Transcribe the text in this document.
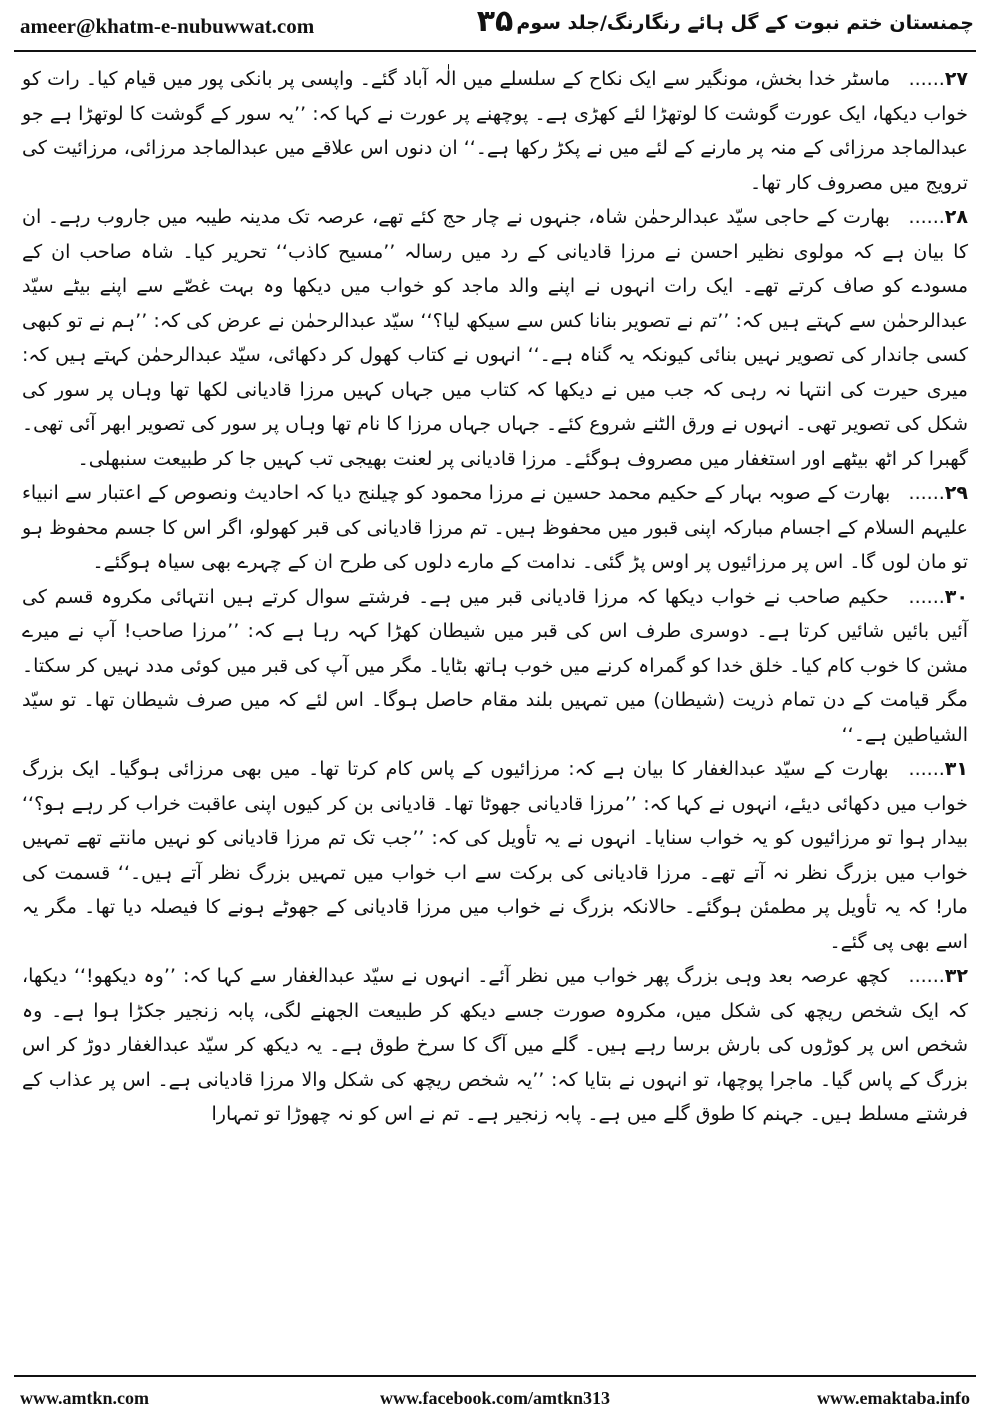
ameer@khatm-e-nubuwwat.com	۳۵ چمنستان ختم نبوت کے گل ہائے رنگارنگ/جلد سوم

۲۷ ...... ماسٹر خدا بخش، مونگیر سے ایک نکاح کے سلسلے میں الٰہ آباد گئے۔ واپسی پر بانکی پور میں قیام کیا۔ رات کو خواب دیکھا، ایک عورت گوشت کا لوتھڑا لئے کھڑی ہے۔ پوچھنے پر عورت نے کہا کہ: ’’یہ سور کے گوشت کا لوتھڑا ہے جو عبدالماجد مرزائی کے منہ پر مارنے کے لئے میں نے پکڑ رکھا ہے۔‘‘ ان دنوں اس علاقے میں عبدالماجد مرزائی، مرزائیت کی ترویج میں مصروف کار تھا۔

۲۸ ...... بھارت کے حاجی سیّد عبدالرحمٰن شاہ، جنہوں نے چار حج کئے تھے، عرصہ تک مدینہ طیبہ میں جاروب رہے۔ ان کا بیان ہے کہ مولوی نظیر احسن نے مرزا قادیانی کے رد میں رسالہ ’’مسیح کاذب‘‘ تحریر کیا۔ شاہ صاحب ان کے مسودے کو صاف کرتے تھے۔ ایک رات انہوں نے اپنے والد ماجد کو خواب میں دیکھا وہ بہت غصّے سے اپنے بیٹے سیّد عبدالرحمٰن سے کہتے ہیں کہ: ’’تم نے تصویر بنانا کس سے سیکھ لیا؟‘‘ سیّد عبدالرحمٰن نے عرض کی کہ: ’’ہم نے تو کبھی کسی جاندار کی تصویر نہیں بنائی کیونکہ یہ گناہ ہے۔‘‘ انہوں نے کتاب کھول کر دکھائی، سیّد عبدالرحمٰن کہتے ہیں کہ: میری حیرت کی انتہا نہ رہی کہ جب میں نے دیکھا کہ کتاب میں جہاں کہیں مرزا قادیانی لکھا تھا وہاں پر سور کی شکل کی تصویر تھی۔ انہوں نے ورق الٹنے شروع کئے۔ جہاں جہاں مرزا کا نام تھا وہاں پر سور کی تصویر ابھر آئی تھی۔ گھبرا کر اٹھ بیٹھے اور استغفار میں مصروف ہوگئے۔ مرزا قادیانی پر لعنت بھیجی تب کہیں جا کر طبیعت سنبھلی۔

۲۹ ...... بھارت کے صوبہ بہار کے حکیم محمد حسین نے مرزا محمود کو چیلنج دیا کہ احادیث ونصوص کے اعتبار سے انبیاء علیہم السلام کے اجسام مبارکہ اپنی قبور میں محفوظ ہیں۔ تم مرزا قادیانی کی قبر کھولو، اگر اس کا جسم محفوظ ہو تو مان لوں گا۔ اس پر مرزائیوں پر اوس پڑ گئی۔ ندامت کے مارے دلوں کی طرح ان کے چہرے بھی سیاہ ہوگئے۔

۳۰ ...... حکیم صاحب نے خواب دیکھا کہ مرزا قادیانی قبر میں ہے۔ فرشتے سوال کرتے ہیں انتہائی مکروہ قسم کی آئیں بائیں شائیں کرتا ہے۔ دوسری طرف اس کی قبر میں شیطان کھڑا کہہ رہا ہے کہ: ’’مرزا صاحب! آپ نے میرے مشن کا خوب کام کیا۔ خلق خدا کو گمراہ کرنے میں خوب ہاتھ بٹایا۔ مگر میں آپ کی قبر میں کوئی مدد نہیں کر سکتا۔ مگر قیامت کے دن تمام ذریت (شیطان) میں تمہیں بلند مقام حاصل ہوگا۔ اس لئے کہ میں صرف شیطان تھا۔ تو سیّد الشیاطین ہے۔‘‘

۳۱ ...... بھارت کے سیّد عبدالغفار کا بیان ہے کہ: مرزائیوں کے پاس کام کرتا تھا۔ میں بھی مرزائی ہوگیا۔ ایک بزرگ خواب میں دکھائی دیئے، انہوں نے کہا کہ: ’’مرزا قادیانی جھوٹا تھا۔ قادیانی بن کر کیوں اپنی عاقبت خراب کر رہے ہو؟‘‘ بیدار ہوا تو مرزائیوں کو یہ خواب سنایا۔ انہوں نے یہ تأویل کی کہ: ’’جب تک تم مرزا قادیانی کو نہیں مانتے تھے تمہیں خواب میں بزرگ نظر نہ آتے تھے۔ مرزا قادیانی کی برکت سے اب خواب میں تمہیں بزرگ نظر آتے ہیں۔‘‘ قسمت کی مار! کہ یہ تأویل پر مطمئن ہوگئے۔ حالانکہ بزرگ نے خواب میں مرزا قادیانی کے جھوٹے ہونے کا فیصلہ دیا تھا۔ مگر یہ اسے بھی پی گئے۔

۳۲ ...... کچھ عرصہ بعد وہی بزرگ پھر خواب میں نظر آئے۔ انہوں نے سیّد عبدالغفار سے کہا کہ: ’’وہ دیکھو!‘‘ دیکھا، کہ ایک شخص ریچھ کی شکل میں، مکروہ صورت جسے دیکھ کر طبیعت الجھنے لگی، پابہ زنجیر جکڑا ہوا ہے۔ وہ شخص اس پر کوڑوں کی بارش برسا رہے ہیں۔ گلے میں آگ کا سرخ طوق ہے۔ یہ دیکھ کر سیّد عبدالغفار دوڑ کر اس بزرگ کے پاس گیا۔ ماجرا پوچھا، تو انہوں نے بتایا کہ: ’’یہ شخص ریچھ کی شکل والا مرزا قادیانی ہے۔ اس پر عذاب کے فرشتے مسلط ہیں۔ جہنم کا طوق گلے میں ہے۔ پابہ زنجیر ہے۔ تم نے اس کو نہ چھوڑا تو تمہارا

www.amtkn.com	www.facebook.com/amtkn313	www.emaktaba.info
